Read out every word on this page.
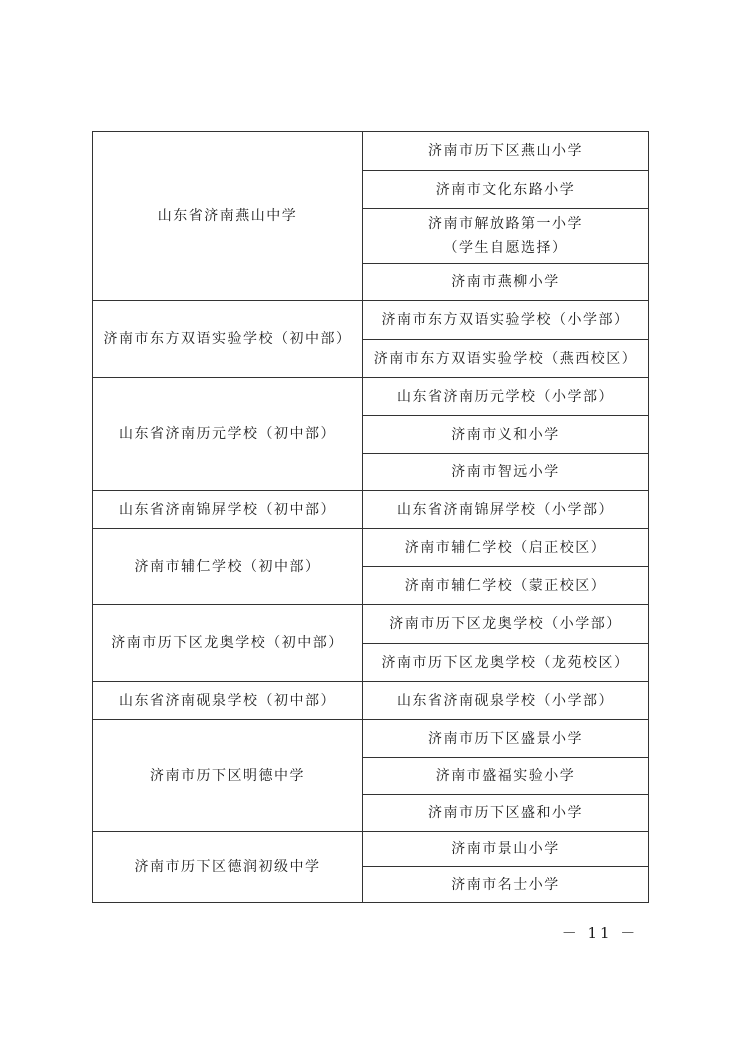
山东省济南燕山中学	济南市历下区燕山小学
	济南市文化东路小学

	济南市解放路第一小学
（学生自愿选择）

	济南市燕柳小学
济南市东方双语实验学校（初中部）	济南市东方双语实验学校（小学部）
	济南市东方双语实验学校（燕西校区）
山东省济南历元学校（初中部）	山东省济南历元学校（小学部）
	济南市义和小学
	济南市智远小学
山东省济南锦屏学校（初中部）	山东省济南锦屏学校（小学部）
济南市辅仁学校（初中部）	济南市辅仁学校（启正校区）
	济南市辅仁学校（蒙正校区）
济南市历下区龙奥学校（初中部）	济南市历下区龙奥学校（小学部）
	济南市历下区龙奥学校（龙苑校区）
山东省济南砚泉学校（初中部）	山东省济南砚泉学校（小学部）
济南市历下区明德中学	济南市历下区盛景小学
	济南市盛福实验小学
	济南市历下区盛和小学
济南市历下区德润初级中学	济南市景山小学
	济南市名士小学
－ 11 －
